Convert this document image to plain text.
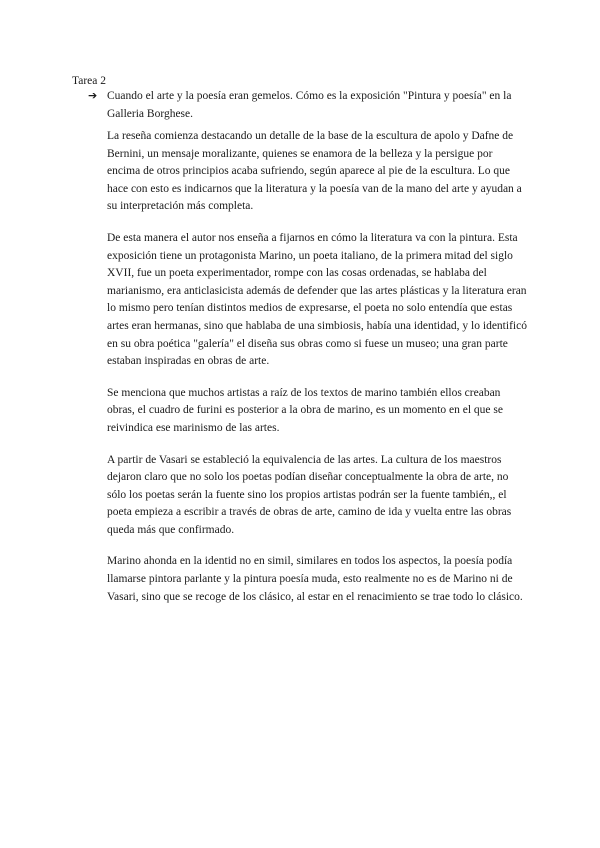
Tarea 2
➔ Cuando el arte y la poesía eran gemelos. Cómo es la exposición "Pintura y poesía" en la Galleria Borghese.

La reseña comienza destacando un detalle de la base de la escultura de apolo y Dafne de Bernini, un mensaje moralizante, quienes se enamora de la belleza y la persigue por encima de otros principios acaba sufriendo, según aparece al pie de la escultura. Lo que hace con esto es indicarnos que la literatura y la poesía van de la mano del arte y ayudan a su interpretación más completa.

De esta manera el autor nos enseña a fijarnos en cómo la literatura va con la pintura. Esta exposición tiene un protagonista Marino, un poeta italiano, de la primera mitad del siglo XVII, fue un poeta experimentador, rompe con las cosas ordenadas, se hablaba del marianismo, era anticlasicista además de defender que las artes plásticas y la literatura eran lo mismo pero tenían distintos medios de expresarse, el poeta no solo entendía que estas artes eran hermanas, sino que hablaba de una simbiosis, había una identidad, y lo identificó en su obra poética "galería" el diseña sus obras como si fuese un museo; una gran parte estaban inspiradas en obras de arte.

Se menciona que muchos artistas a raíz de los textos de marino también ellos creaban obras, el cuadro de furini es posterior a la obra de marino, es un momento en el que se reivindica ese marinismo de las artes.

A partir de Vasari se estableció la equivalencia de las artes. La cultura de los maestros dejaron claro que no solo los poetas podían diseñar conceptualmente la obra de arte, no sólo los poetas serán la fuente sino los propios artistas podrán ser la fuente también,, el poeta empieza a escribir a través de obras de arte, camino de ida y vuelta entre las obras queda más que confirmado.

Marino ahonda en la identid no en simil, similares en todos los aspectos, la poesía podía llamarse pintora parlante y la pintura poesía muda, esto realmente no es de Marino ni de Vasari, sino que se recoge de los clásico, al estar en el renacimiento se trae todo lo clásico.
